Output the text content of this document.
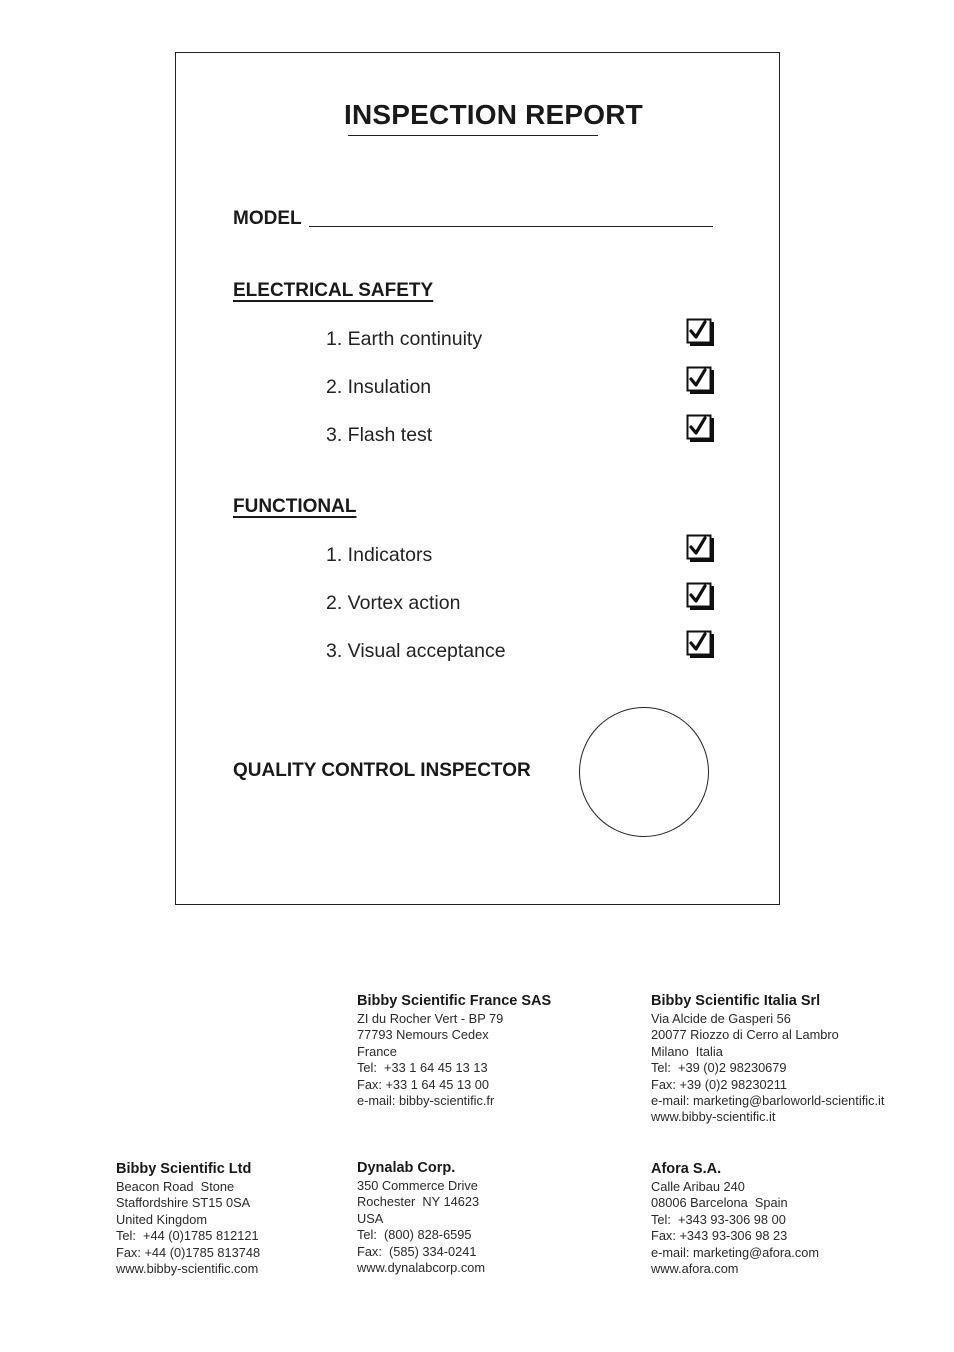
INSPECTION REPORT
MODEL
ELECTRICAL SAFETY
1. Earth continuity
2. Insulation
3. Flash test
FUNCTIONAL
1. Indicators
2. Vortex action
3. Visual acceptance
QUALITY CONTROL INSPECTOR
Bibby Scientific France SAS
ZI du Rocher Vert - BP 79
77793 Nemours Cedex
France
Tel:  +33 1 64 45 13 13
Fax: +33 1 64 45 13 00
e-mail: bibby-scientific.fr
Bibby Scientific Italia Srl
Via Alcide de Gasperi 56
20077 Riozzo di Cerro al Lambro
Milano  Italia
Tel:  +39 (0)2 98230679
Fax: +39 (0)2 98230211
e-mail: marketing@barloworld-scientific.it
www.bibby-scientific.it
Bibby Scientific Ltd
Beacon Road  Stone
Staffordshire ST15 0SA
United Kingdom
Tel:  +44 (0)1785 812121
Fax: +44 (0)1785 813748
www.bibby-scientific.com
Dynalab Corp.
350 Commerce Drive
Rochester  NY 14623
USA
Tel:  (800) 828-6595
Fax:  (585) 334-0241
www.dynalabcorp.com
Afora S.A.
Calle Aribau 240
08006 Barcelona  Spain
Tel:  +343 93-306 98 00
Fax: +343 93-306 98 23
e-mail: marketing@afora.com
www.afora.com
